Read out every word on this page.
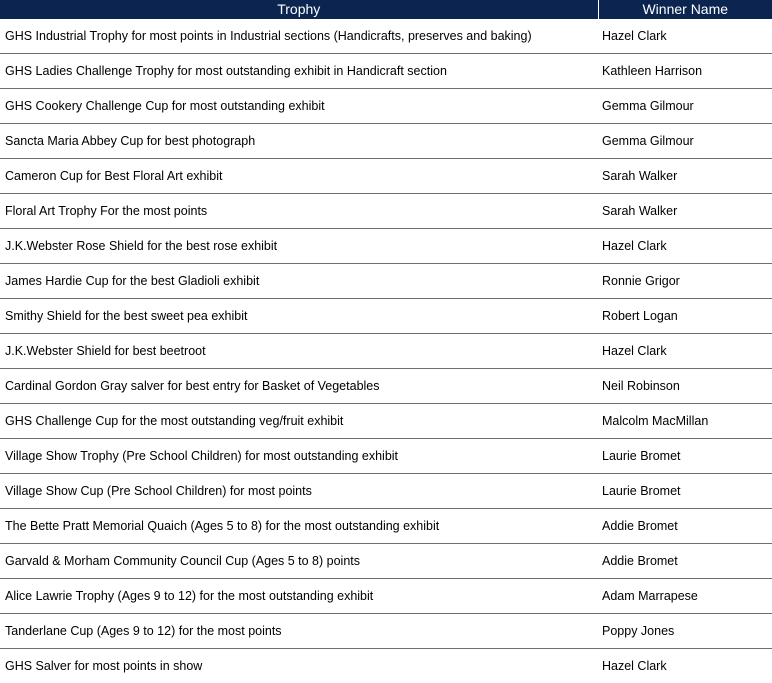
Trophy	Winner Name
GHS Industrial Trophy for most points in Industrial sections (Handicrafts, preserves and baking)	Hazel Clark
GHS Ladies Challenge Trophy for most outstanding exhibit in Handicraft section	Kathleen Harrison
GHS Cookery Challenge Cup for most outstanding exhibit	Gemma Gilmour
Sancta Maria Abbey Cup for best photograph	Gemma Gilmour
Cameron Cup for Best Floral Art exhibit	Sarah Walker
Floral Art Trophy For the most points	Sarah Walker
J.K.Webster Rose Shield for the best rose exhibit	Hazel Clark
James Hardie Cup for the best Gladioli exhibit	Ronnie Grigor
Smithy Shield for the best sweet pea exhibit	Robert Logan
J.K.Webster Shield for best beetroot	Hazel Clark
Cardinal Gordon Gray salver for best entry for Basket of Vegetables	Neil Robinson
GHS Challenge Cup for the most outstanding veg/fruit exhibit	Malcolm MacMillan
Village Show Trophy (Pre School Children) for most outstanding exhibit	Laurie Bromet
Village Show Cup (Pre School Children) for most points	Laurie Bromet
The Bette Pratt Memorial Quaich (Ages 5 to 8) for the most outstanding exhibit	Addie Bromet
Garvald & Morham Community Council Cup (Ages 5 to 8) points	Addie Bromet
Alice Lawrie Trophy (Ages 9 to 12) for the most outstanding exhibit	Adam Marrapese
Tanderlane Cup (Ages 9 to 12) for the most points	Poppy Jones
GHS Salver for most points in show	Hazel Clark
